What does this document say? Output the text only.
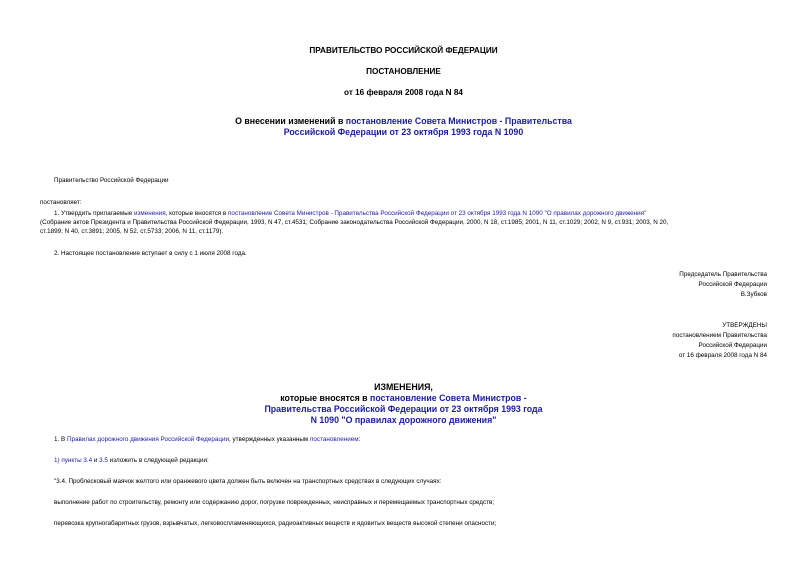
ПРАВИТЕЛЬСТВО РОССИЙСКОЙ ФЕДЕРАЦИИ
ПОСТАНОВЛЕНИЕ
от 16 февраля 2008 года N 84
О внесении изменений в постановление Совета Министров - Правительства
Российской Федерации от 23 октября 1993 года N 1090
Правительство Российской Федерации
постановляет:
1. Утвердить прилагаемые изменения, которые вносятся в постановление Совета Министров - Правительства Российской Федерации от 23 октября 1993 года N 1090 "О правилах дорожного движения"
(Собрание актов Президента и Правительства Российской Федерации, 1993, N 47, ст.4531; Собрание законодательства Российской Федерации, 2000, N 18, ст.1985; 2001, N 11, ст.1029; 2002, N 9, ст.931; 2003, N 20,
ст.1899; N 40, ст.3891; 2005, N 52, ст.5733; 2006, N 11, ст.1179).
2. Настоящее постановление вступает в силу с 1 июля 2008 года.
Председатель Правительства
Российской Федерации
В.Зубков
УТВЕРЖДЕНЫ
постановлением Правительства
Российской Федерации
от 16 февраля 2008 года N 84
ИЗМЕНЕНИЯ,
которые вносятся в постановление Совета Министров -
Правительства Российской Федерации от 23 октября 1993 года
N 1090 "О правилах дорожного движения"
1. В Правилах дорожного движения Российской Федерации, утвержденных указанным постановлением:
1) пункты 3.4 и 3.5 изложить в следующей редакции:
"3.4. Проблесковый маячок желтого или оранжевого цвета должен быть включен на транспортных средствах в следующих случаях:
выполнение работ по строительству, ремонту или содержанию дорог, погрузке поврежденных, неисправных и перемещаемых транспортных средств;
перевозка крупногабаритных грузов, взрывчатых, легковоспламеняющихся, радиоактивных веществ и ядовитых веществ высокой степени опасности;
